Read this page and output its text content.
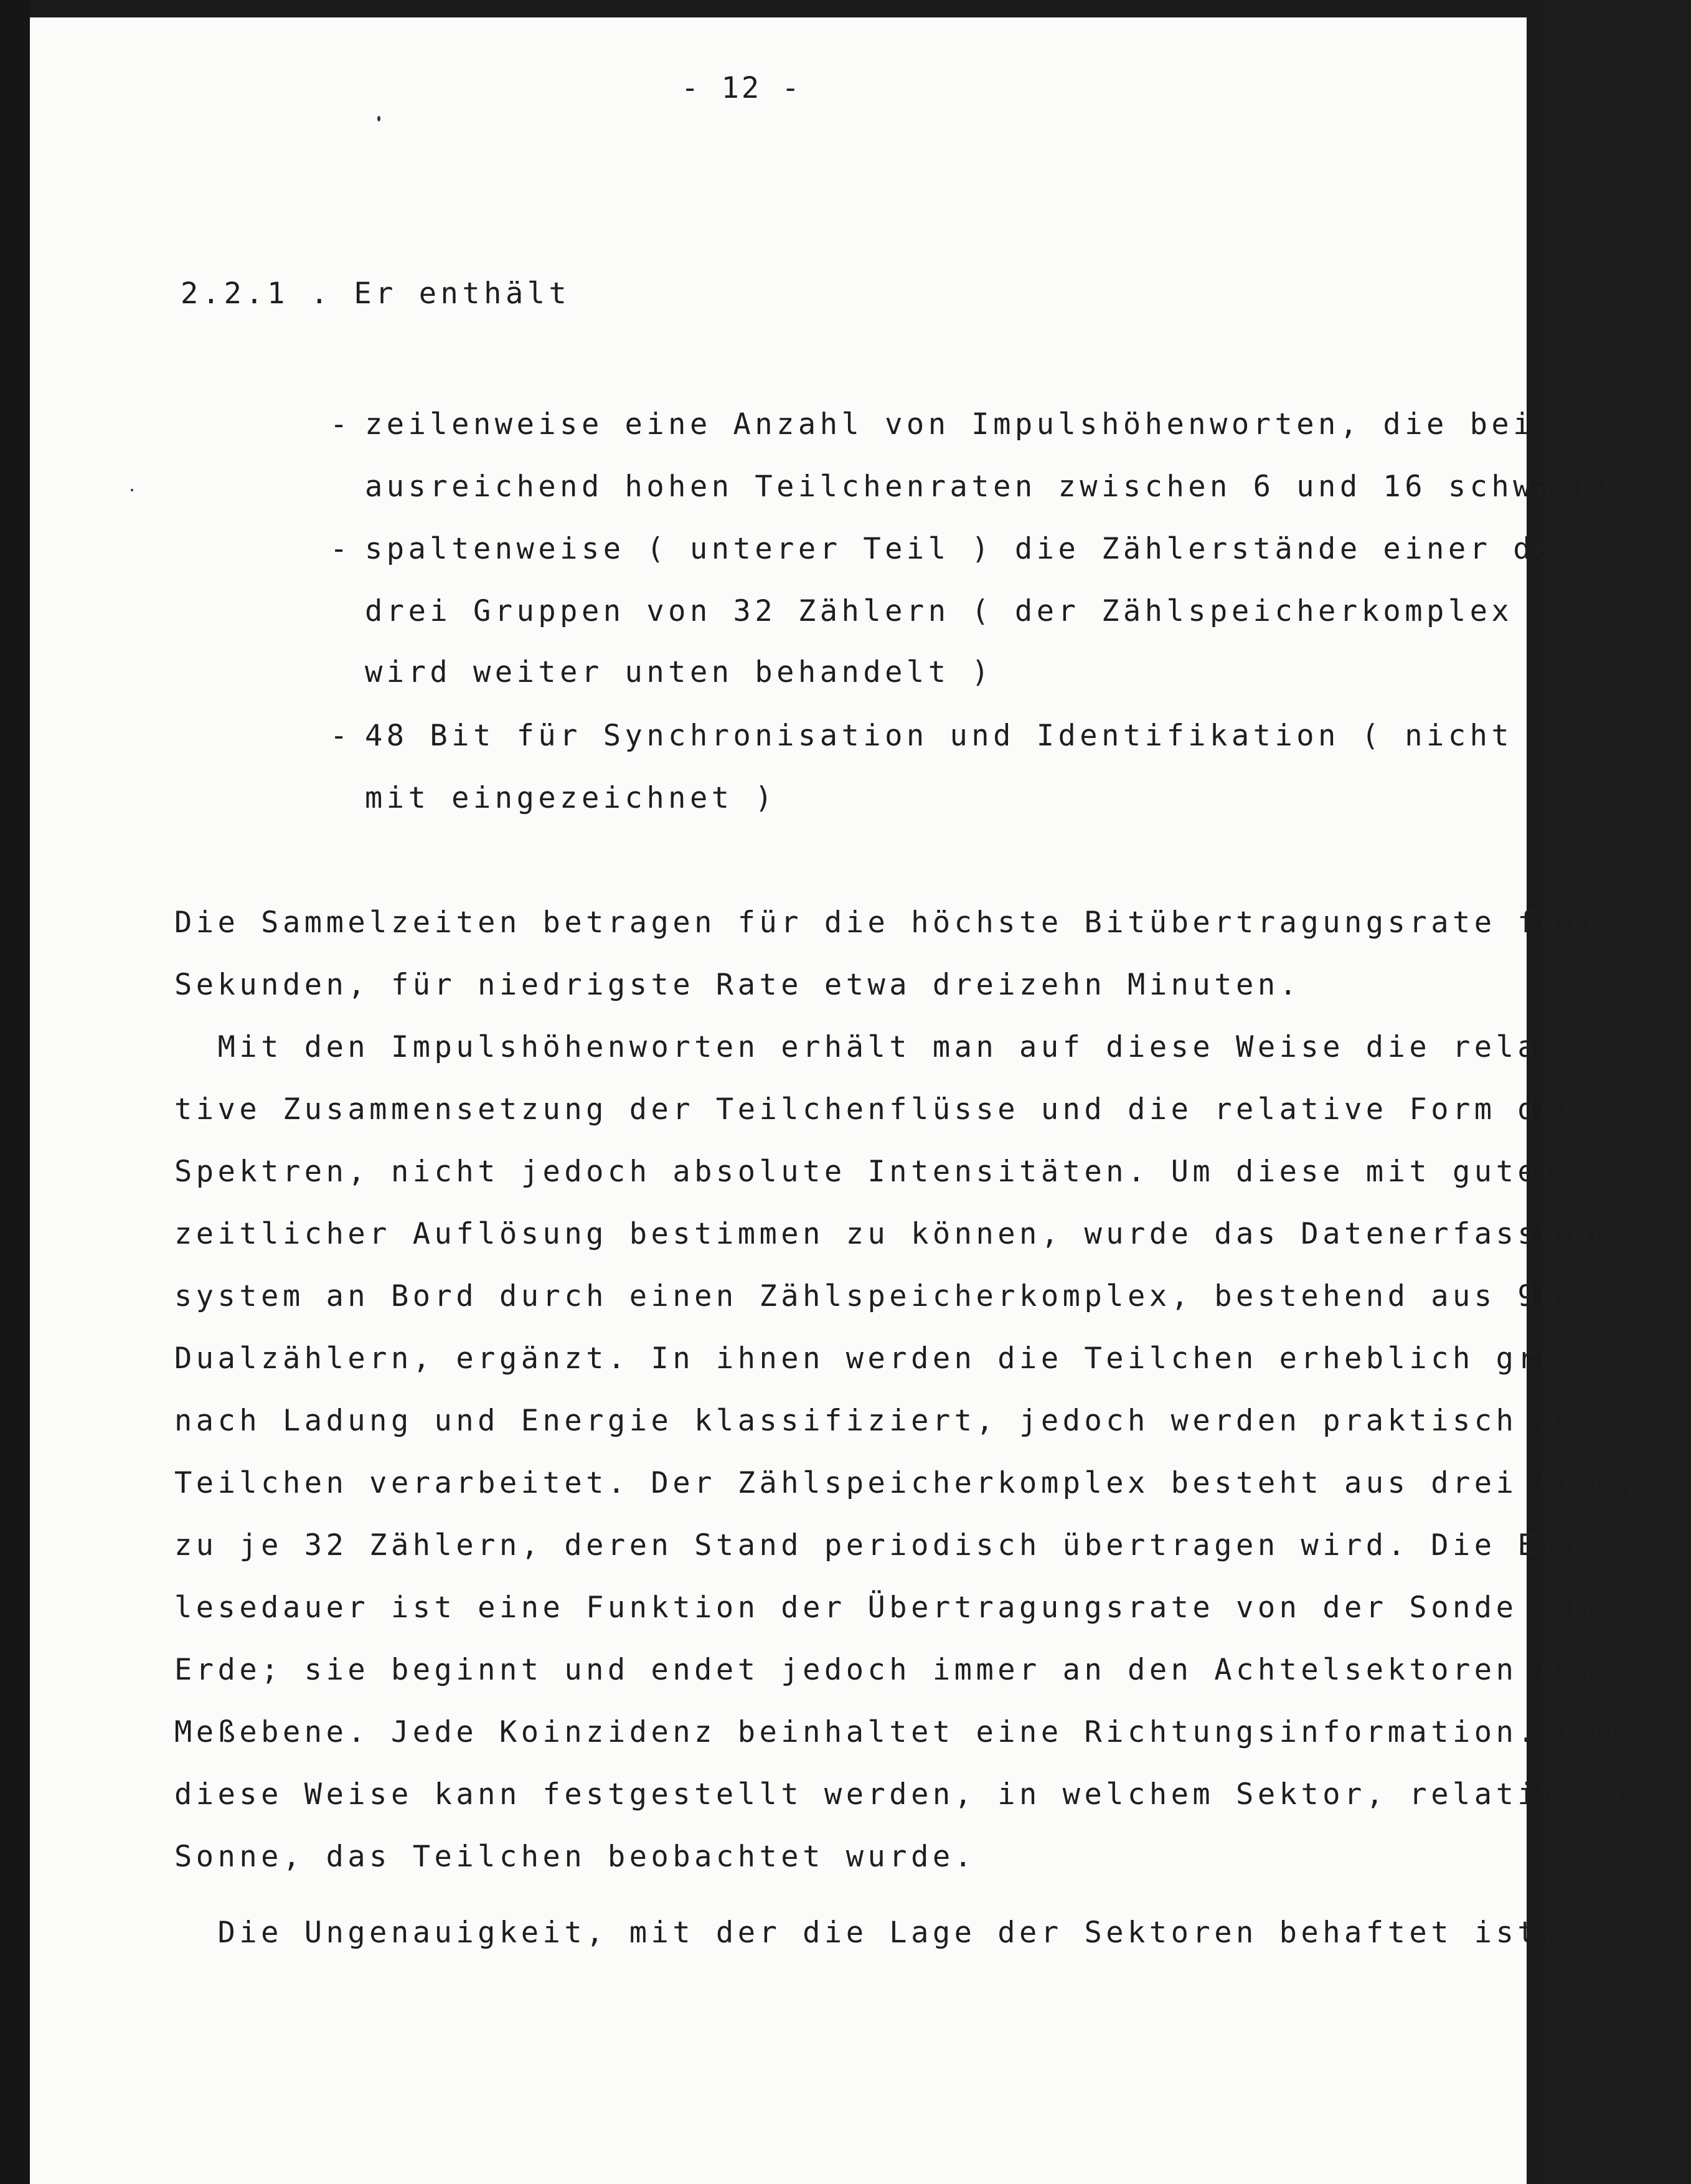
- 12 -
2.2.1 . Er enthält
- zeilenweise eine Anzahl von Impulshöhenworten, die bei
ausreichend hohen Teilchenraten zwischen 6 und 16 schwankt
- spaltenweise ( unterer Teil ) die Zählerstände einer der
drei Gruppen von 32 Zählern ( der Zählspeicherkomplex
wird weiter unten behandelt )
- 48 Bit für Synchronisation und Identifikation ( nicht
mit eingezeichnet )
Die Sammelzeiten betragen für die höchste Bitübertragungsrate fünf
Sekunden, für niedrigste Rate etwa dreizehn Minuten.
Mit den Impulshöhenworten erhält man auf diese Weise die rela-
tive Zusammensetzung der Teilchenflüsse und die relative Form der
Spektren, nicht jedoch absolute Intensitäten. Um diese mit guter
zeitlicher Auflösung bestimmen zu können, wurde das Datenerfassungs-
system an Bord durch einen Zählspeicherkomplex, bestehend aus 96
Dualzählern, ergänzt. In ihnen werden die Teilchen erheblich gröber
nach Ladung und Energie klassifiziert, jedoch werden praktisch alle
Teilchen verarbeitet. Der Zählspeicherkomplex besteht aus drei Gruppen
zu je 32 Zählern, deren Stand periodisch übertragen wird. Die Ein-
lesedauer ist eine Funktion der Übertragungsrate von der Sonde zur
Erde; sie beginnt und endet jedoch immer an den Achtelsektoren der
Meßebene. Jede Koinzidenz beinhaltet eine Richtungsinformation. Auf
diese Weise kann festgestellt werden, in welchem Sektor, relativ zur
Sonne, das Teilchen beobachtet wurde.
Die Ungenauigkeit, mit der die Lage der Sektoren behaftet ist,
